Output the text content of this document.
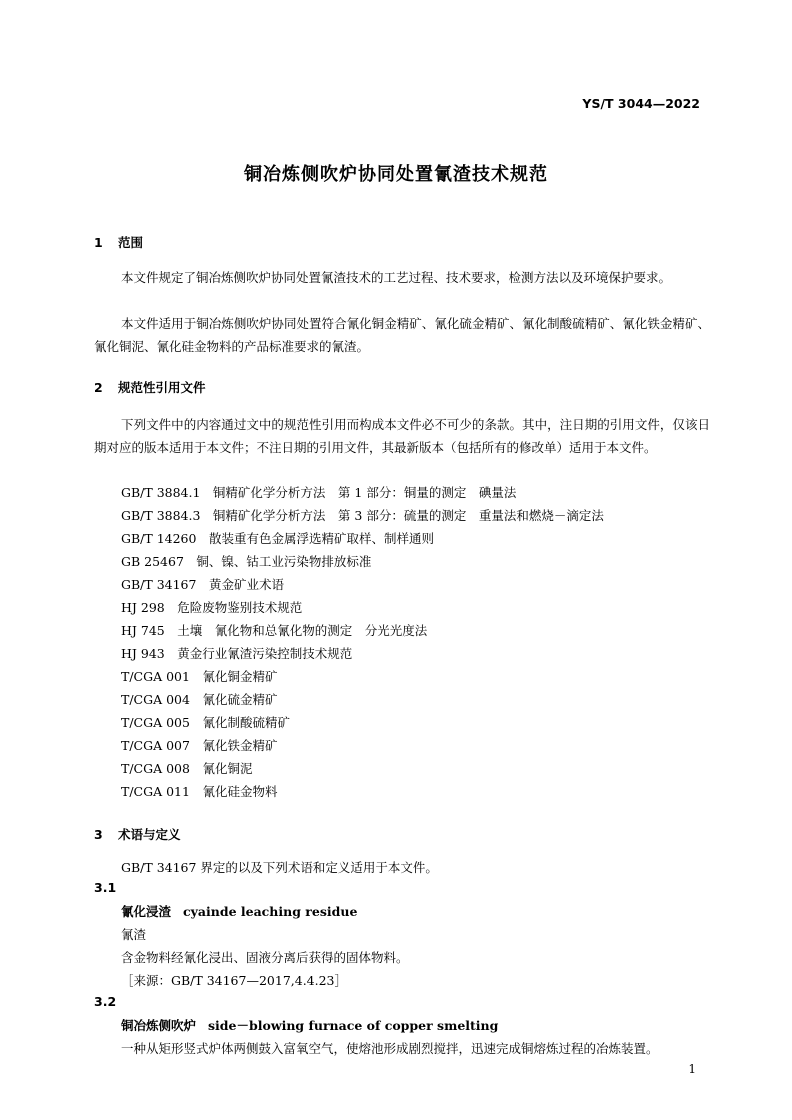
YS/T 3044—2022
铜冶炼侧吹炉协同处置氰渣技术规范
1 范围
本文件规定了铜冶炼侧吹炉协同处置氰渣技术的工艺过程、技术要求，检测方法以及环境保护要求。
本文件适用于铜冶炼侧吹炉协同处置符合氰化铜金精矿、氰化硫金精矿、氰化制酸硫精矿、氰化铁金精矿、氰化铜泥、氰化硅金物料的产品标准要求的氰渣。
2 规范性引用文件
下列文件中的内容通过文中的规范性引用而构成本文件必不可少的条款。其中，注日期的引用文件，仅该日期对应的版本适用于本文件；不注日期的引用文件，其最新版本（包括所有的修改单）适用于本文件。
GB/T 3884.1　铜精矿化学分析方法　第 1 部分：铜量的测定　碘量法
GB/T 3884.3　铜精矿化学分析方法　第 3 部分：硫量的测定　重量法和燃烧－滴定法
GB/T 14260　散装重有色金属浮选精矿取样、制样通则
GB 25467　铜、镍、钴工业污染物排放标准
GB/T 34167　黄金矿业术语
HJ 298　危险废物鉴别技术规范
HJ 745　土壤　氰化物和总氰化物的测定　分光光度法
HJ 943　黄金行业氰渣污染控制技术规范
T/CGA 001　氰化铜金精矿
T/CGA 004　氰化硫金精矿
T/CGA 005　氰化制酸硫精矿
T/CGA 007　氰化铁金精矿
T/CGA 008　氰化铜泥
T/CGA 011　氰化硅金物料
3 术语与定义
GB/T 34167 界定的以及下列术语和定义适用于本文件。
3.1
氰化浸渣 cyainde leaching residue
氰渣
含金物料经氰化浸出、固液分离后获得的固体物料。
［来源：GB/T 34167—2017,4.4.23］
3.2
铜冶炼侧吹炉 side－blowing furnace of copper smelting
一种从矩形竖式炉体两侧鼓入富氧空气，使熔池形成剧烈搅拌，迅速完成铜熔炼过程的冶炼装置。
1
